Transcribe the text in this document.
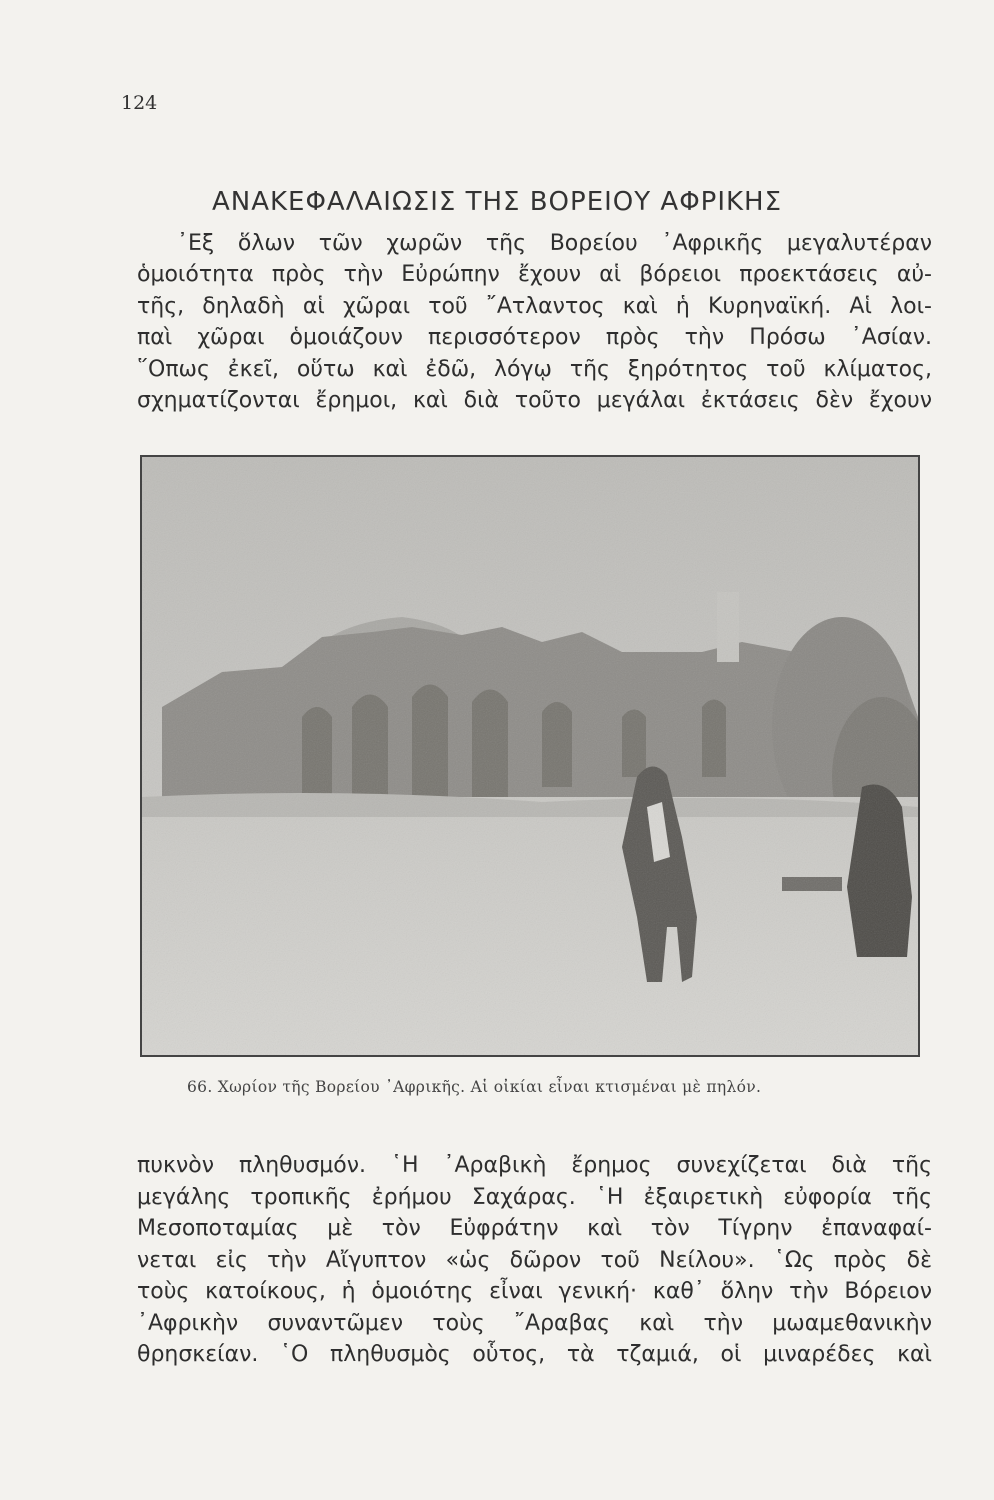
124
ΑΝΑΚΕΦΑΛΑΙΩΣΙΣ ΤΗΣ ΒΟΡΕΙΟΥ ΑΦΡΙΚΗΣ
᾿Εξ ὅλων τῶν χωρῶν τῆς Βορείου ᾿Αφρικῆς μεγαλυτέραν
ὁμοιότητα πρὸς τὴν Εὐρώπην ἔχουν αἱ βόρειοι προεκτάσεις αὐ-
τῆς, δηλαδὴ αἱ χῶραι τοῦ ῎Ατλαντος καὶ ἡ Κυρηναϊκή. Αἱ λοι-
παὶ χῶραι ὁμοιάζουν περισσότερον πρὸς τὴν Πρόσω ᾿Ασίαν.
῞Οπως ἐκεῖ, οὕτω καὶ ἐδῶ, λόγῳ τῆς ξηρότητος τοῦ κλίματος,
σχηματίζονται ἔρημοι, καὶ διὰ τοῦτο μεγάλαι ἐκτάσεις δὲν ἔχουν
66. Χωρίον τῆς Βορείου ᾿Αφρικῆς. Αἱ οἰκίαι εἶναι κτισμέναι μὲ πηλόν.
πυκνὸν πληθυσμόν. ῾Η ᾿Αραβικὴ ἔρημος συνεχίζεται διὰ τῆς
μεγάλης τροπικῆς ἐρήμου Σαχάρας. ῾Η ἐξαιρετικὴ εὐφορία τῆς
Μεσοποταμίας μὲ τὸν Εὐφράτην καὶ τὸν Τίγρην ἐπαναφαί-
νεται εἰς τὴν Αἴγυπτον «ὡς δῶρον τοῦ Νείλου». ῾Ως πρὸς δὲ
τοὺς κατοίκους, ἡ ὁμοιότης εἶναι γενική· καθ᾿ ὅλην τὴν Βόρειον
᾿Αφρικὴν συναντῶμεν τοὺς ῎Αραβας καὶ τὴν μωαμεθανικὴν
θρησκείαν. ῾Ο πληθυσμὸς οὗτος, τὰ τζαμιά, οἱ μιναρέδες καὶ
